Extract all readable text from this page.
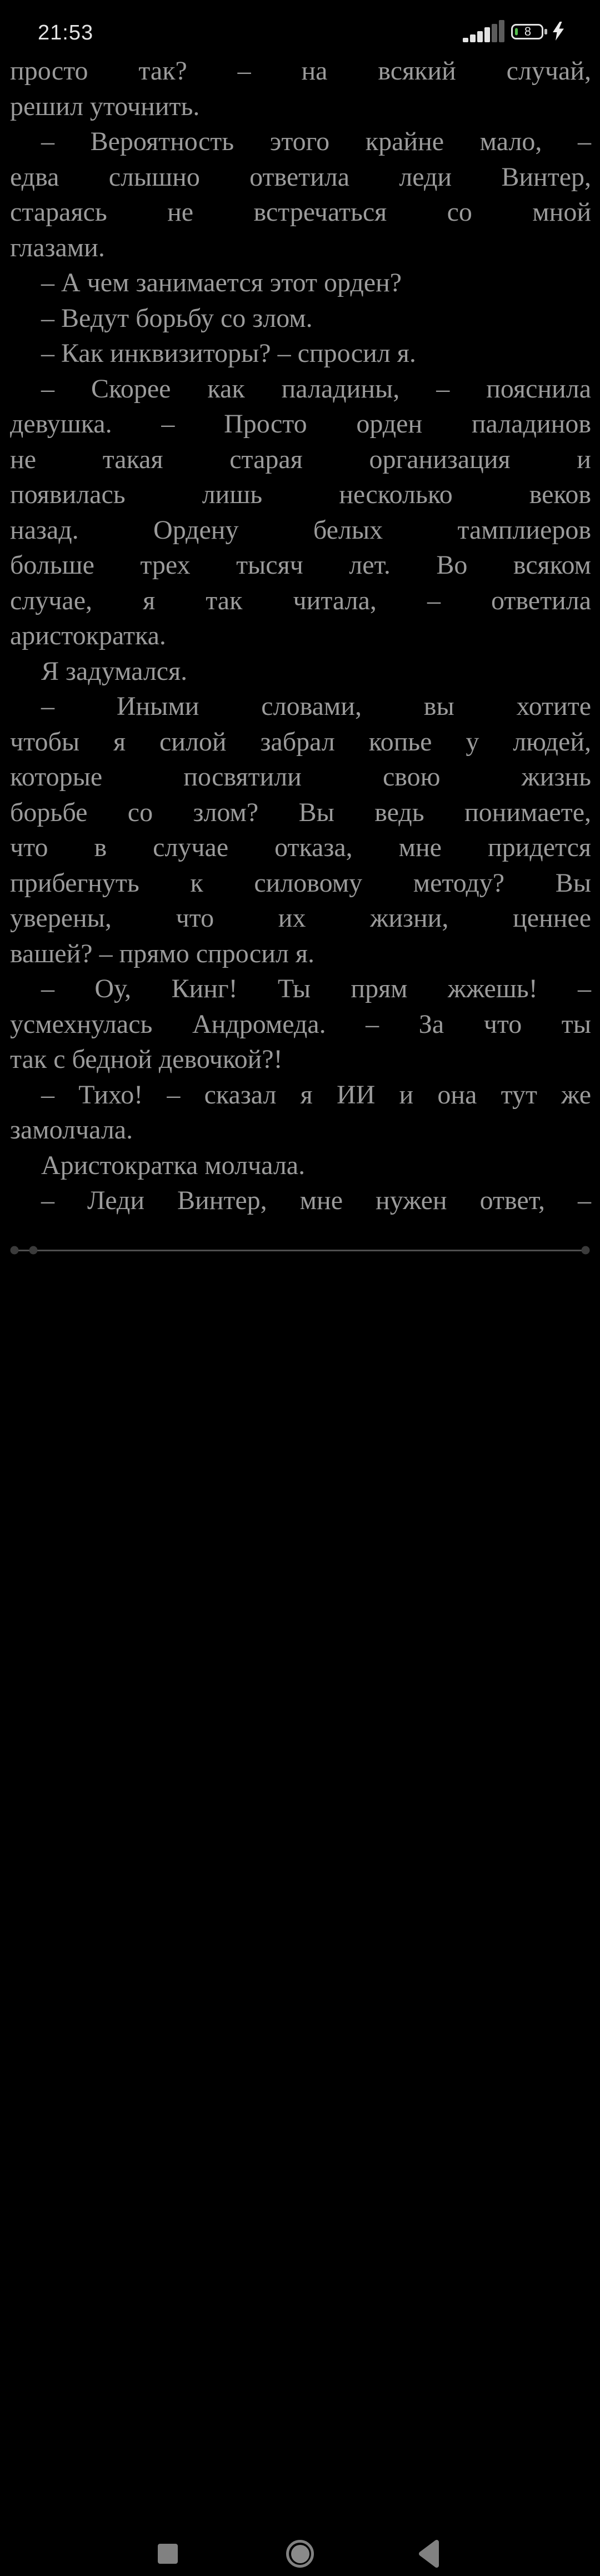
21:53	8
просто так? – на всякий случай,
решил уточнить.
– Вероятность этого крайне мало, –
едва слышно ответила леди Винтер,
стараясь не встречаться со мной
глазами.
– А чем занимается этот орден?
– Ведут борьбу со злом.
– Как инквизиторы? – спросил я.
– Скорее как паладины, – пояснила
девушка. – Просто орден паладинов
не такая старая организация и
появилась лишь несколько веков
назад. Ордену белых тамплиеров
больше трех тысяч лет. Во всяком
случае, я так читала, – ответила
аристократка.
Я задумался.
– Иными словами, вы хотите
чтобы я силой забрал копье у людей,
которые посвятили свою жизнь
борьбе со злом? Вы ведь понимаете,
что в случае отказа, мне придется
прибегнуть к силовому методу? Вы
уверены, что их жизни, ценнее
вашей? – прямо спросил я.
– Оу, Кинг! Ты прям жжешь! –
усмехнулась Андромеда. – За что ты
так с бедной девочкой?!
– Тихо! – сказал я ИИ и она тут же
замолчала.
Аристократка молчала.
– Леди Винтер, мне нужен ответ, –
